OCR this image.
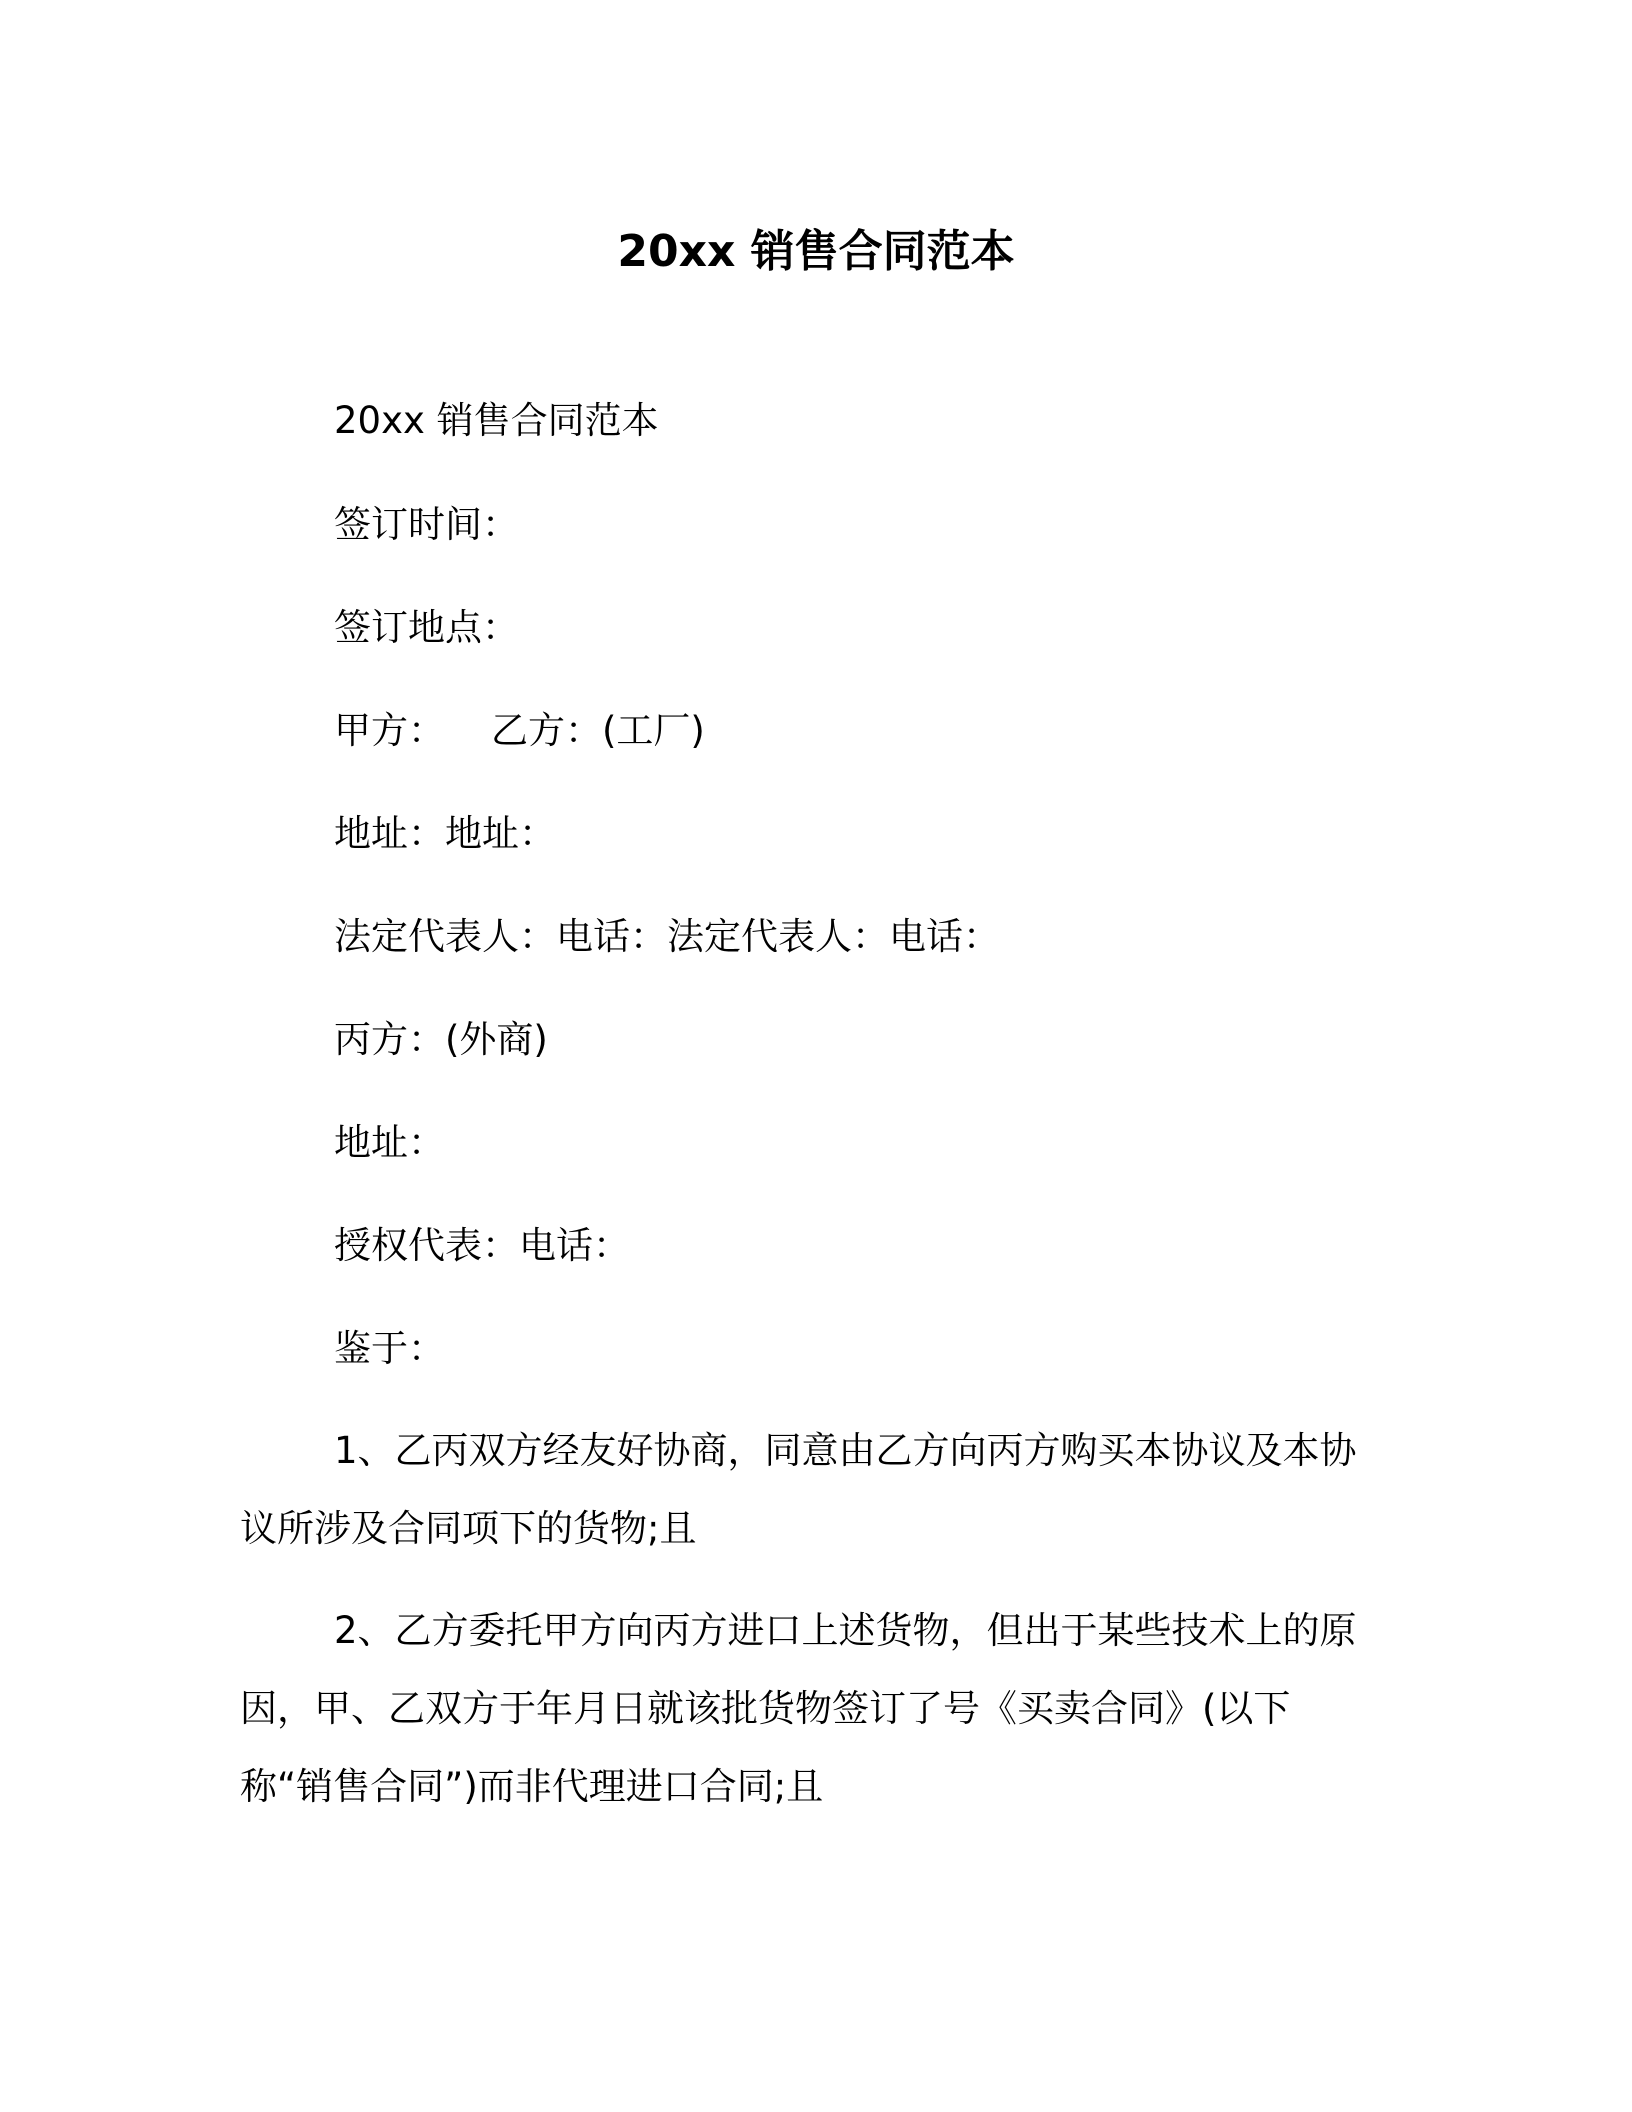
20xx 销售合同范本
20xx 销售合同范本
签订时间：
签订地点：
甲方： 乙方：(工厂)
地址：地址：
法定代表人：电话：法定代表人：电话：
丙方：(外商)
地址：
授权代表：电话：
鉴于：

1、乙丙双方经友好协商，同意由乙方向丙方购买本协议及本协议所涉及合同项下的货物;且

2、乙方委托甲方向丙方进口上述货物，但出于某些技术上的原因，甲、乙双方于年月日就该批货物签订了号《买卖合同》(以下称“销售合同”)而非代理进口合同;且
